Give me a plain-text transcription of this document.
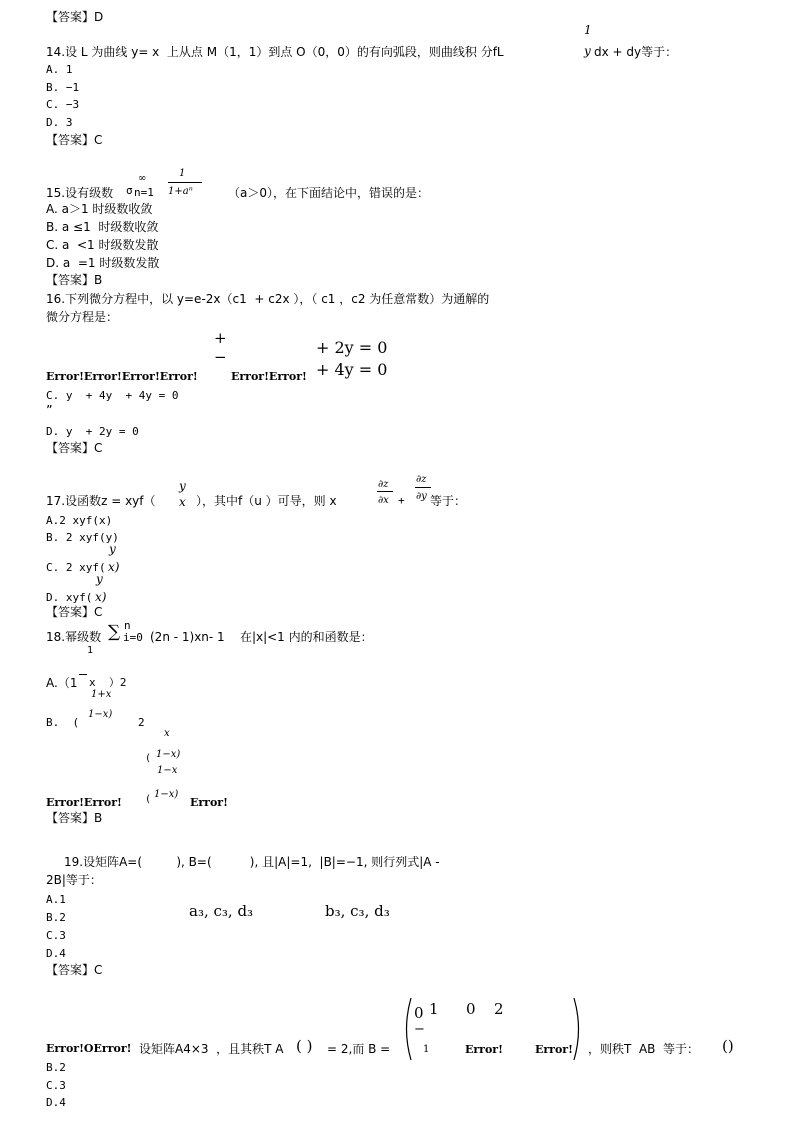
【答案】D
14.设 L 为曲线 y= x  上从点 M（1，1）到点 O（0，0）的有向弧段，则曲线积 分fL
1
y dx + dy等于：
A. 1
B. −1
C. −3
D. 3
【答案】C
∞	1
15.设有级数 σ n=1 1+aⁿ	（a＞0），在下面结论中，错误的是：
A. a＞1 时级数收敛
B. a ≤1  时级数收敛
C. a  <1 时级数发散
D. a  =1 时级数发散
【答案】B
16.下列微分方程中，以 y=e-2x（c1  + c2x ），（ c1 ，c2 为任意常数）为通解的
微分方程是：
+
−	+ 2y = 0
+ 4y = 0
Error!Error!Error!Error!	Error!Error!
C. y  + 4y  + 4y = 0
”
D. y  + 2y = 0
【答案】C
y
x
∂z
∂x
∂z
∂y
17.设函数z = xyf（	），其中f（u ）可导，则 x	+ 等于：
A.2 xyf(x)
B. 2 xyf(y)
y
C. 2 xyf( x)
y
D. xyf( x)
【答案】C
n
18.幂级数 ∑ i=0 (2n - 1)xn- 1    在|x|<1 内的和函数是：
1
A.（1 x  ）2
1+x
1−x)
B.  (	2
x
( 1−x)
1−x
Error!Error! ( 1−x)
Error!
【答案】B
19.设矩阵A=(         ), B=(          ), 且|A|=1,  |B|=−1, 则行列式|A -
2B|等于：
A.1
a₃, c₃, d₃	b₃, c₃, d₃
B.2
C.3
D.4
【答案】C
0
−
1 0 2
Error!OError! 设矩阵A4×3  ，且其秩T A ( ) = 2,而 B =	1	Error!	Error! ，则秩T  AB  等于： ()
B.2
C.3
D.4
